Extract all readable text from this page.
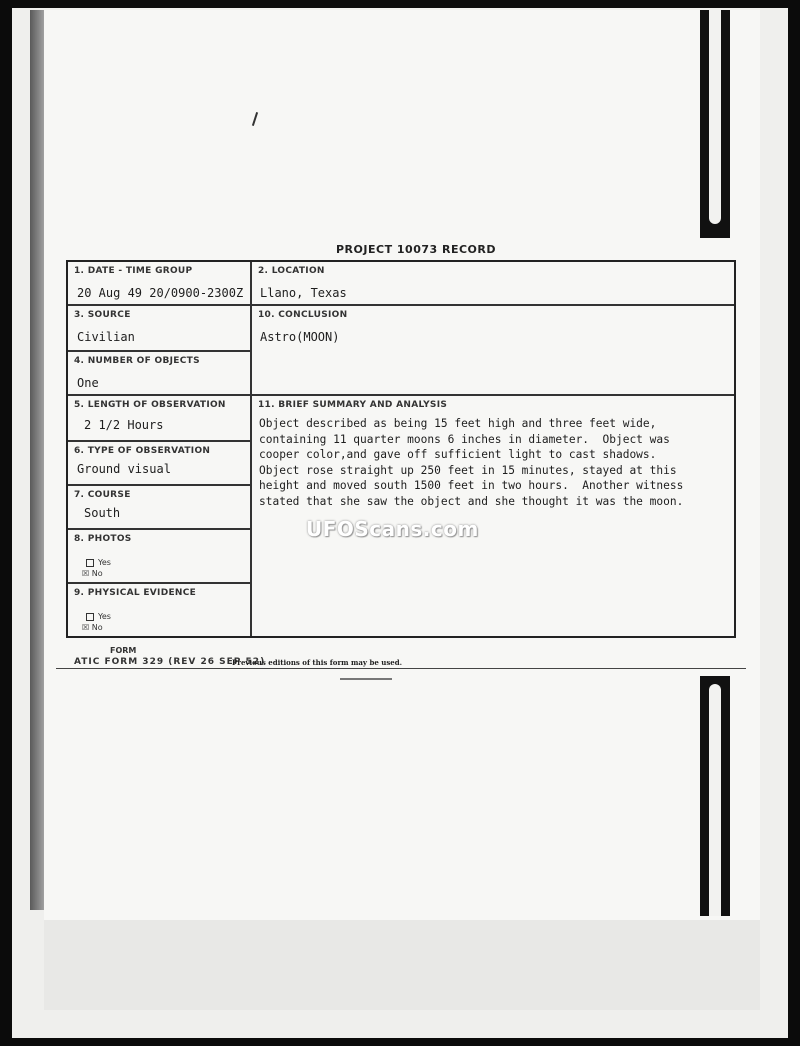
PROJECT 10073 RECORD
1. DATE - TIME GROUP
20 Aug 49 20/0900-2300Z
2. LOCATION
Llano, Texas
3. SOURCE
Civilian
10. CONCLUSION
Astro(MOON)
4. NUMBER OF OBJECTS
One
5. LENGTH OF OBSERVATION
2 1/2 Hours
11. BRIEF SUMMARY AND ANALYSIS
Object described as being 15 feet high and three feet wide,
containing 11 quarter moons 6 inches in diameter.  Object was
cooper color,and gave off sufficient light to cast shadows.
Object rose straight up 250 feet in 15 minutes, stayed at this
height and moved south 1500 feet in two hours.  Another witness
stated that she saw the object and she thought it was the moon.
6. TYPE OF OBSERVATION
Ground visual
7. COURSE
South
8. PHOTOS
Yes
☒ No
9. PHYSICAL EVIDENCE
Yes
☒ No
UFOScans.com
FORM
ATIC FORM 329 (REV 26 SEP 52)
Previous editions of this form may be used.
